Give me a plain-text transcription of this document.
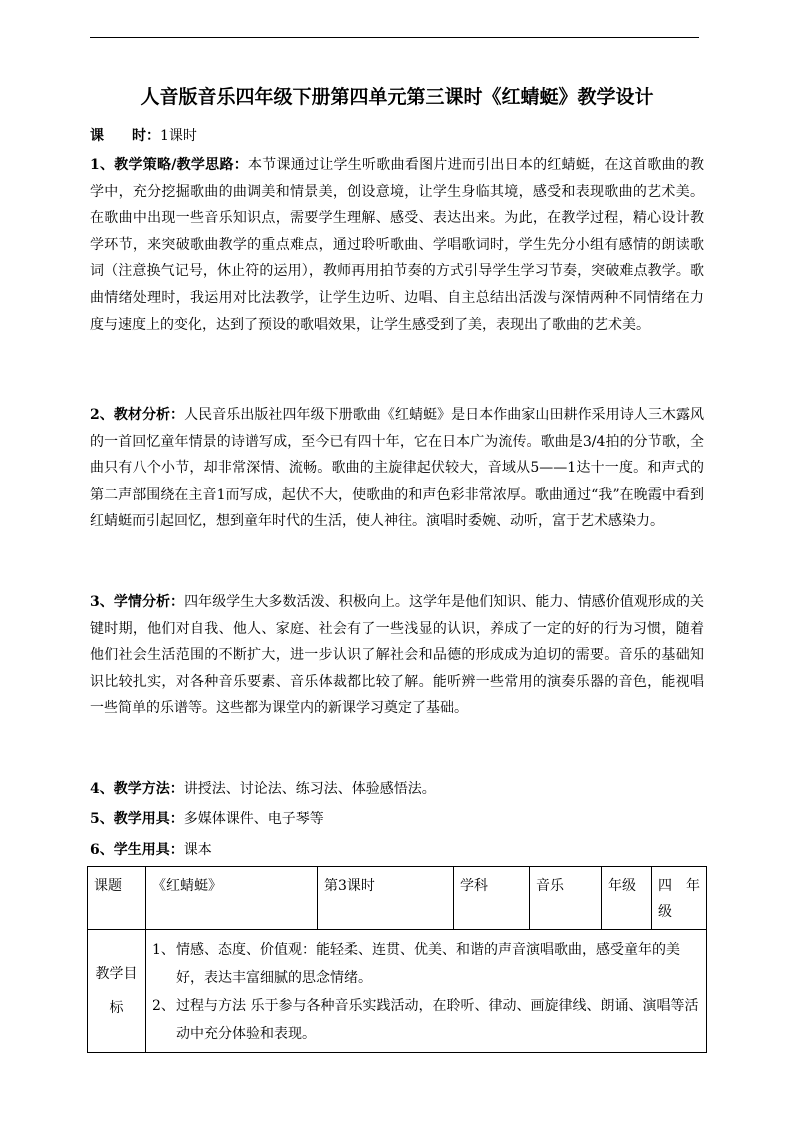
人音版音乐四年级下册第四单元第三课时《红蜻蜓》教学设计
课　　时：1课时
1、教学策略/教学思路：本节课通过让学生听歌曲看图片进而引出日本的红蜻蜓，在这首歌曲的教学中，充分挖掘歌曲的曲调美和情景美，创设意境，让学生身临其境，感受和表现歌曲的艺术美。 在歌曲中出现一些音乐知识点，需要学生理解、感受、表达出来。为此，在教学过程，精心设计教学环节，来突破歌曲教学的重点难点，通过聆听歌曲、学唱歌词时，学生先分小组有感情的朗读歌词（注意换气记号，休止符的运用），教师再用拍节奏的方式引导学生学习节奏，突破难点教学。歌曲情绪处理时，我运用对比法教学，让学生边听、边唱、自主总结出活泼与深情两种不同情绪在力度与速度上的变化，达到了预设的歌唱效果，让学生感受到了美，表现出了歌曲的艺术美。
2、教材分析：人民音乐出版社四年级下册歌曲《红蜻蜓》是日本作曲家山田耕作采用诗人三木露风的一首回忆童年情景的诗谱写成，至今已有四十年，它在日本广为流传。歌曲是3/4拍的分节歌，全曲只有八个小节，却非常深情、流畅。歌曲的主旋律起伏较大，音域从5——1达十一度。和声式的第二声部围绕在主音1而写成，起伏不大，使歌曲的和声色彩非常浓厚。歌曲通过“我”在晚霞中看到红蜻蜓而引起回忆，想到童年时代的生活，使人神往。演唱时委婉、动听，富于艺术感染力。
3、学情分析：四年级学生大多数活泼、积极向上。这学年是他们知识、能力、情感价值观形成的关键时期，他们对自我、他人、家庭、社会有了一些浅显的认识，养成了一定的好的行为习惯，随着他们社会生活范围的不断扩大，进一步认识了解社会和品德的形成成为迫切的需要。音乐的基础知识比较扎实，对各种音乐要素、音乐体裁都比较了解。能听辨一些常用的演奏乐器的音色，能视唱一些简单的乐谱等。这些都为课堂内的新课学习奠定了基础。
4、教学方法：讲授法、讨论法、练习法、体验感悟法。
5、教学用具：多媒体课件、电子琴等
6、学生用具：课本
课题	《红蜻蜓》	第3课时	学科	音乐	年级	四　年级
教学目标	1、 情感、态度、价值观：能轻柔、连贯、优美、和谐的声音演唱歌曲，感受童年的美好，表达丰富细腻的思念情绪。
2、 过程与方法 乐于参与各种音乐实践活动，在聆听、律动、画旋律线、朗诵、演唱等活动中充分体验和表现。					
